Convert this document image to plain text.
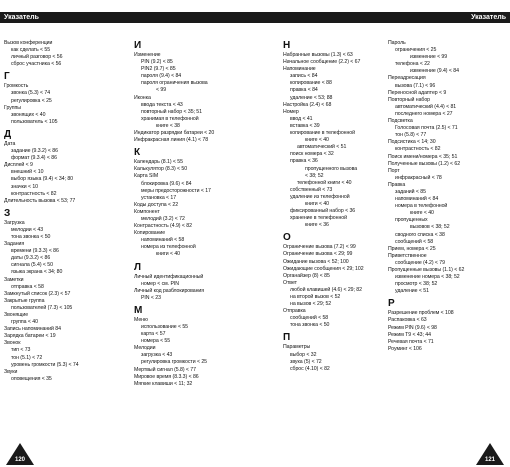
Указатель	Указатель
Вызов конференции
как сделать < 55
личный разговор < 56
сброс участника < 56
Г
Громкость
звонка (5.3) < 74
регулировка < 25
Группы
звонящих < 40
пользователь < 105
Д
Дата
задание (9.3.2) < 86
формат (9.3.4) < 86
Дисплей < 9
внешний < 10
выбор языка (9.4) < 34; 80
значки < 10
контрастность < 82
Длительность вызова < 53; 77
З
Загрузка
мелодии < 43
тона звонка < 50
Задания
времени (9.3.3) < 86
даты (9.3.2) < 86
сигнала (5.4) < 50
языка экрана < 34; 80
Заметки
отправка < 58
Замкнутый список (2.3) < 57
Закрытые группа
пользователей (7.3) < 105
Звонящие
группа < 40
Запись напоминаний 84
Зарядка батареи < 19
Звонок
тип < 73
тон (5.1) < 72
уровень громкости (5.3) < 74
Звуки
оповещения < 35
И
Изменение
PIN (9.2) < 85
PIN2 (9.7) < 85
пароля (9.4) < 84
пароля ограничения вызова
< 99
Иконка
ввода текста < 43
повторный набор < 35; 51
хранимая в телефонной
книге < 38
Индикатор разрядки батареи < 20
Инфракрасная линия (4.1) < 78
К
Календарь (8.1) < 55
Калькулятор (8.3) < 50
Карта SIM
блокировка (9.6) < 84
меры предосторожности < 17
установка < 17
Коды доступа < 22
Компонент
мелодий (3.2) < 72
Контрастность (4.9) < 82
Копирование
напоминаний < 58
номера из телефонной
книги < 40
Л
Личный идентификационный
номер < см. PIN
Личный код разблокирования
PIN < 23
М
Меню
использование < 55
карта < 57
номера < 55
Мелодии
загрузка < 43
регулировка громкости < 25
Мертвый сигнал (5.8) < 77
Мировое время (8.3.3) < 86
Мягкие клавиши < 11; 32
Н
Набранные вызовы (1.3) < 63
Начальное сообщение (2.2) < 67
Напоминание
запись < 84
копирование < 88
правка < 84
удаление < 53; 88
Настройка (2.4) < 68
Номер
ввод < 41
вставка < 39
копирование в телефонной
книге < 40
автоматический < 51
поиск номера < 32
правка < 36
пропущенного вызова
< 38; 52
телефонной книги < 40
собственный < 73
удаление из телефонной
книги < 40
фиксированный набор < 36
хранение в телефонной
книге < 36
О
Ограничение вызова (7.2) < 99
Ограничение вызова < 29; 99
Ожидание вызова < 52; 100
Ожидающие сообщения < 29; 102
Органайзер (8) < 85
Ответ
любой клавишей (4.6) < 29; 82
на второй вызов < 52
на вызов < 29; 52
Отправка
сообщений < 58
тона звонка < 50
П
Параметры
выбор < 32
звука (5) < 72
сброс (4.10) < 82
Пароль
ограничения < 25
изменение < 99
телефона < 22
изменение (9.4) < 84
Переадресация
вызова (7.1) < 96
Переносной адаптер < 9
Повторный набор
автоматический (4.4) < 81
последнего номера < 27
Подсветка
Голосовая почта (2.5) < 71
тон (5.8) < 77
Подсистика < 14; 30
контрастность < 82
Поиск имени/номера < 35; 51
Полученные вызовы (1.2) < 62
Порт
инфракрасный < 78
Правка
заданий < 85
напоминаний < 84
номера в телефонной
книге < 40
пропущенных
вызовов < 38; 52
сводного списка < 38
сообщений < 58
Прием, номера < 25
Приветственное
сообщение (4.2) < 79
Пропущенные вызовы (1.1) < 62
изменение номера < 38; 52
просмотр < 38; 52
удаление < 51
Р
Разрешение проблем < 108
Распаковка < 63
Режим PIN (9.6) < 98
Режим T9 < 43; 44
Речевая почта < 71
Роуминг < 106
120	121
